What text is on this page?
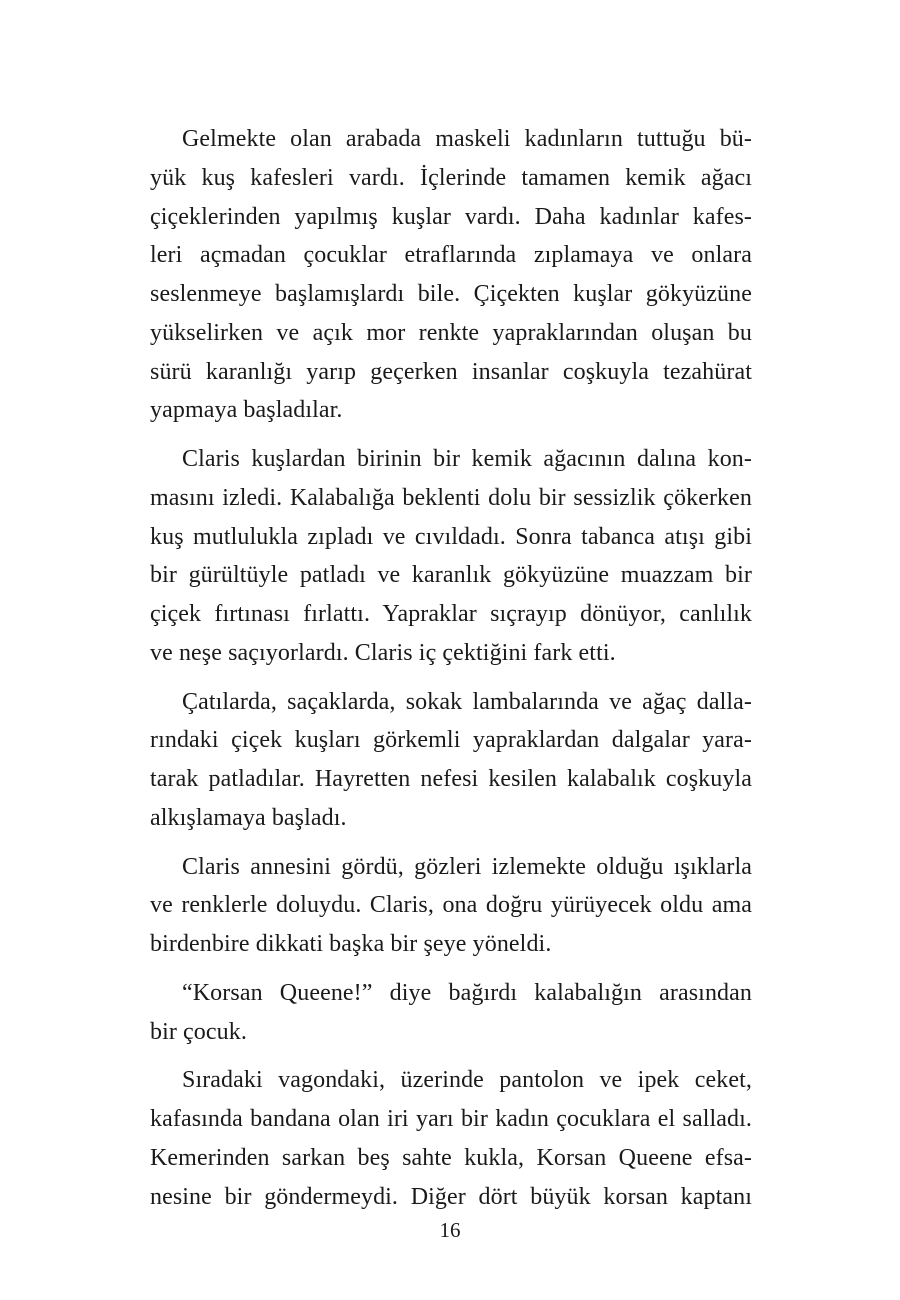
Gelmekte olan arabada maskeli kadınların tuttuğu bü-
yük kuş kafesleri vardı. İçlerinde tamamen kemik ağacı
çiçeklerinden yapılmış kuşlar vardı. Daha kadınlar kafes-
leri açmadan çocuklar etraflarında zıplamaya ve onlara
seslenmeye başlamışlardı bile. Çiçekten kuşlar gökyüzüne
yükselirken ve açık mor renkte yapraklarından oluşan bu
sürü karanlığı yarıp geçerken insanlar coşkuyla tezahürat
yapmaya başladılar.
Claris kuşlardan birinin bir kemik ağacının dalına kon-
masını izledi. Kalabalığa beklenti dolu bir sessizlik çökerken
kuş mutlulukla zıpladı ve cıvıldadı. Sonra tabanca atışı gibi
bir gürültüyle patladı ve karanlık gökyüzüne muazzam bir
çiçek fırtınası fırlattı. Yapraklar sıçrayıp dönüyor, canlılık
ve neşe saçıyorlardı. Claris iç çektiğini fark etti.
Çatılarda, saçaklarda, sokak lambalarında ve ağaç dalla-
rındaki çiçek kuşları görkemli yapraklardan dalgalar yara-
tarak patladılar. Hayretten nefesi kesilen kalabalık coşkuyla
alkışlamaya başladı.
Claris annesini gördü, gözleri izlemekte olduğu ışıklarla
ve renklerle doluydu. Claris, ona doğru yürüyecek oldu ama
birdenbire dikkati başka bir şeye yöneldi.
“Korsan Queene!” diye bağırdı kalabalığın arasından
bir çocuk.
Sıradaki vagondaki, üzerinde pantolon ve ipek ceket,
kafasında bandana olan iri yarı bir kadın çocuklara el salladı.
Kemerinden sarkan beş sahte kukla, Korsan Queene efsa-
nesine bir göndermeydi. Diğer dört büyük korsan kaptanı
16
